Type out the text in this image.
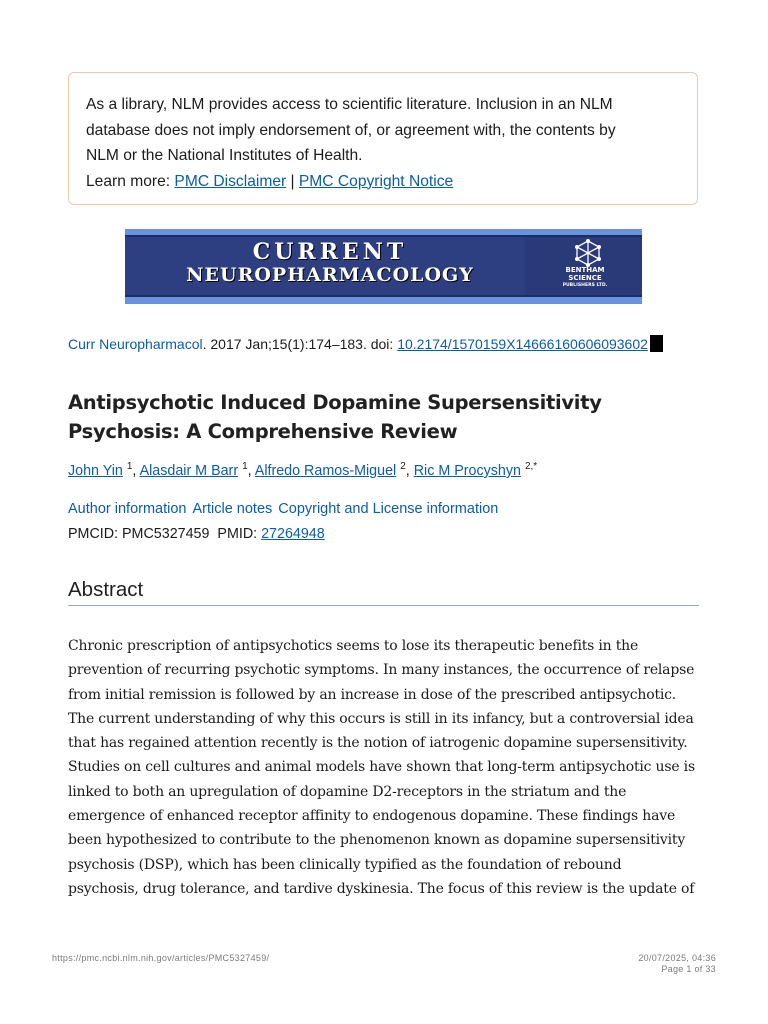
As a library, NLM provides access to scientific literature. Inclusion in an NLM
database does not imply endorsement of, or agreement with, the contents by
NLM or the National Institutes of Health.
Learn more: PMC Disclaimer | PMC Copyright Notice
CURRENT
NEUROPHARMACOLOGY	BENTHAM
SCIENCE
PUBLISHERS LTD.
Curr Neuropharmacol. 2017 Jan;15(1):174–183. doi: 10.2174/1570159X14666160606093602
Antipsychotic Induced Dopamine Supersensitivity Psychosis: A Comprehensive Review
John Yin $^1$, Alasdair M Barr $^1$, Alfredo Ramos-Miguel $^2$, Ric M Procyshyn $^{2,*}$
Author information Article notes Copyright and License information
PMCID: PMC5327459 PMID: 27264948
Abstract
Chronic prescription of antipsychotics seems to lose its therapeutic benefits in the
prevention of recurring psychotic symptoms. In many instances, the occurrence of relapse
from initial remission is followed by an increase in dose of the prescribed antipsychotic.
The current understanding of why this occurs is still in its infancy, but a controversial idea
that has regained attention recently is the notion of iatrogenic dopamine supersensitivity.
Studies on cell cultures and animal models have shown that long-term antipsychotic use is
linked to both an upregulation of dopamine D2-receptors in the striatum and the
emergence of enhanced receptor affinity to endogenous dopamine. These findings have
been hypothesized to contribute to the phenomenon known as dopamine supersensitivity
psychosis (DSP), which has been clinically typified as the foundation of rebound
psychosis, drug tolerance, and tardive dyskinesia. The focus of this review is the update of
https://pmc.ncbi.nlm.nih.gov/articles/PMC5327459/	20/07/2025, 04:36
Page 1 of 33
